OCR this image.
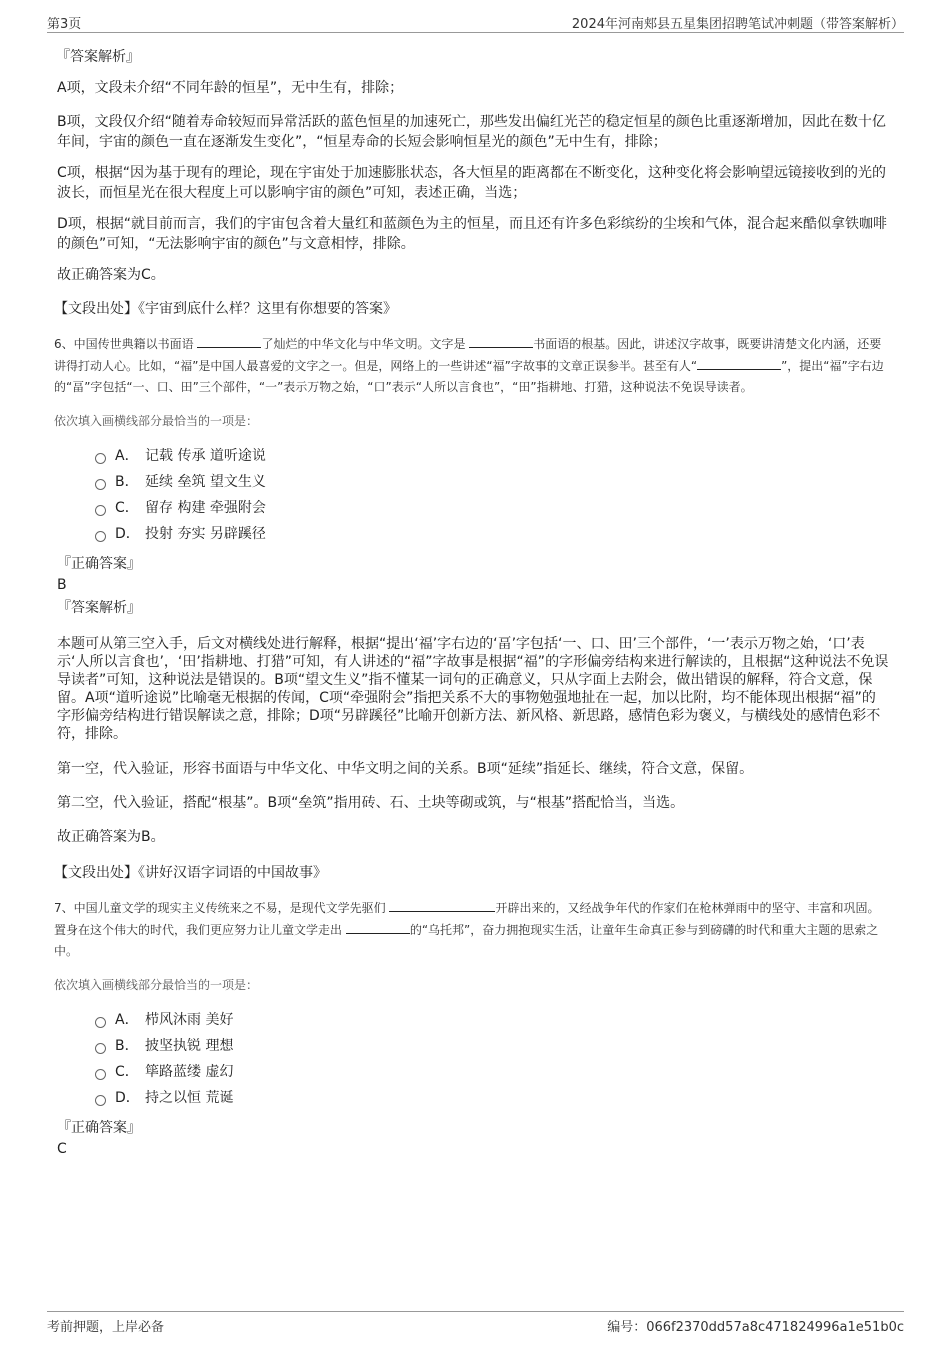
第3页	2024年河南郏县五星集团招聘笔试冲刺题（带答案解析）

『答案解析』

A项，文段未介绍“不同年龄的恒星”，无中生有，排除；

B项，文段仅介绍“随着寿命较短而异常活跃的蓝色恒星的加速死亡，那些发出偏红光芒的稳定恒星的颜色比重逐渐增加，因此在数十亿年间，宇宙的颜色一直在逐渐发生变化”，“恒星寿命的长短会影响恒星光的颜色”无中生有，排除；

C项，根据“因为基于现有的理论，现在宇宙处于加速膨胀状态，各大恒星的距离都在不断变化，这种变化将会影响望远镜接收到的光的波长，而恒星光在很大程度上可以影响宇宙的颜色”可知，表述正确，当选；

D项，根据“就目前而言，我们的宇宙包含着大量红和蓝颜色为主的恒星，而且还有许多色彩缤纷的尘埃和气体，混合起来酷似拿铁咖啡的颜色”可知，“无法影响宇宙的颜色”与文意相悖，排除。

故正确答案为C。

【文段出处】《宇宙到底什么样？这里有你想要的答案》

6、中国传世典籍以书面语	了灿烂的中华文化与中华文明。文字是	书面语的根基。因此，讲述汉字故事，既要讲清楚文化内涵，还要讲得打动人心。比如，“福”是中国人最喜爱的文字之一。但是，网络上的一些讲述“福”字故事的文章正误参半。甚至有人“	”，提出“福”字右边的“畐”字包括“一、口、田”三个部件，“一”表示万物之始，“口”表示“人所以言食也”，“田”指耕地、打猎，这种说法不免误导读者。

依次填入画横线部分最恰当的一项是：

A． 记载 传承 道听途说
B． 延续 垒筑 望文生义
C． 留存 构建 牵强附会
D． 投射 夯实 另辟蹊径

『正确答案』

B

『答案解析』

本题可从第三空入手，后文对横线处进行解释，根据“提出‘福’字右边的‘畐’字包括‘一、口、田’三个部件，‘一’表示万物之始，‘口’表示‘人所以言食也’，‘田’指耕地、打猎”可知，有人讲述的“福”字故事是根据“福”的字形偏旁结构来进行解读的，且根据“这种说法不免误导读者”可知，这种说法是错误的。B项“望文生义”指不懂某一词句的正确意义，只从字面上去附会，做出错误的解释，符合文意，保留。A项“道听途说”比喻毫无根据的传闻，C项“牵强附会”指把关系不大的事物勉强地扯在一起，加以比附，均不能体现出根据“福”的字形偏旁结构进行错误解读之意，排除；D项“另辟蹊径”比喻开创新方法、新风格、新思路，感情色彩为褒义，与横线处的感情色彩不符，排除。

第一空，代入验证，形容书面语与中华文化、中华文明之间的关系。B项“延续”指延长、继续，符合文意，保留。

第二空，代入验证，搭配“根基”。B项“垒筑”指用砖、石、土块等砌或筑，与“根基”搭配恰当，当选。

故正确答案为B。

【文段出处】《讲好汉语字词语的中国故事》

7、中国儿童文学的现实主义传统来之不易，是现代文学先驱们	开辟出来的，又经战争年代的作家们在枪林弹雨中的坚守、丰富和巩固。置身在这个伟大的时代，我们更应努力让儿童文学走出	的“乌托邦”，奋力拥抱现实生活，让童年生命真正参与到磅礴的时代和重大主题的思索之中。

依次填入画横线部分最恰当的一项是：

A． 栉风沐雨 美好
B． 披坚执锐 理想
C． 筚路蓝缕 虚幻
D． 持之以恒 荒诞

『正确答案』

C

考前押题，上岸必备	编号：066f2370dd57a8c471824996a1e51b0c
